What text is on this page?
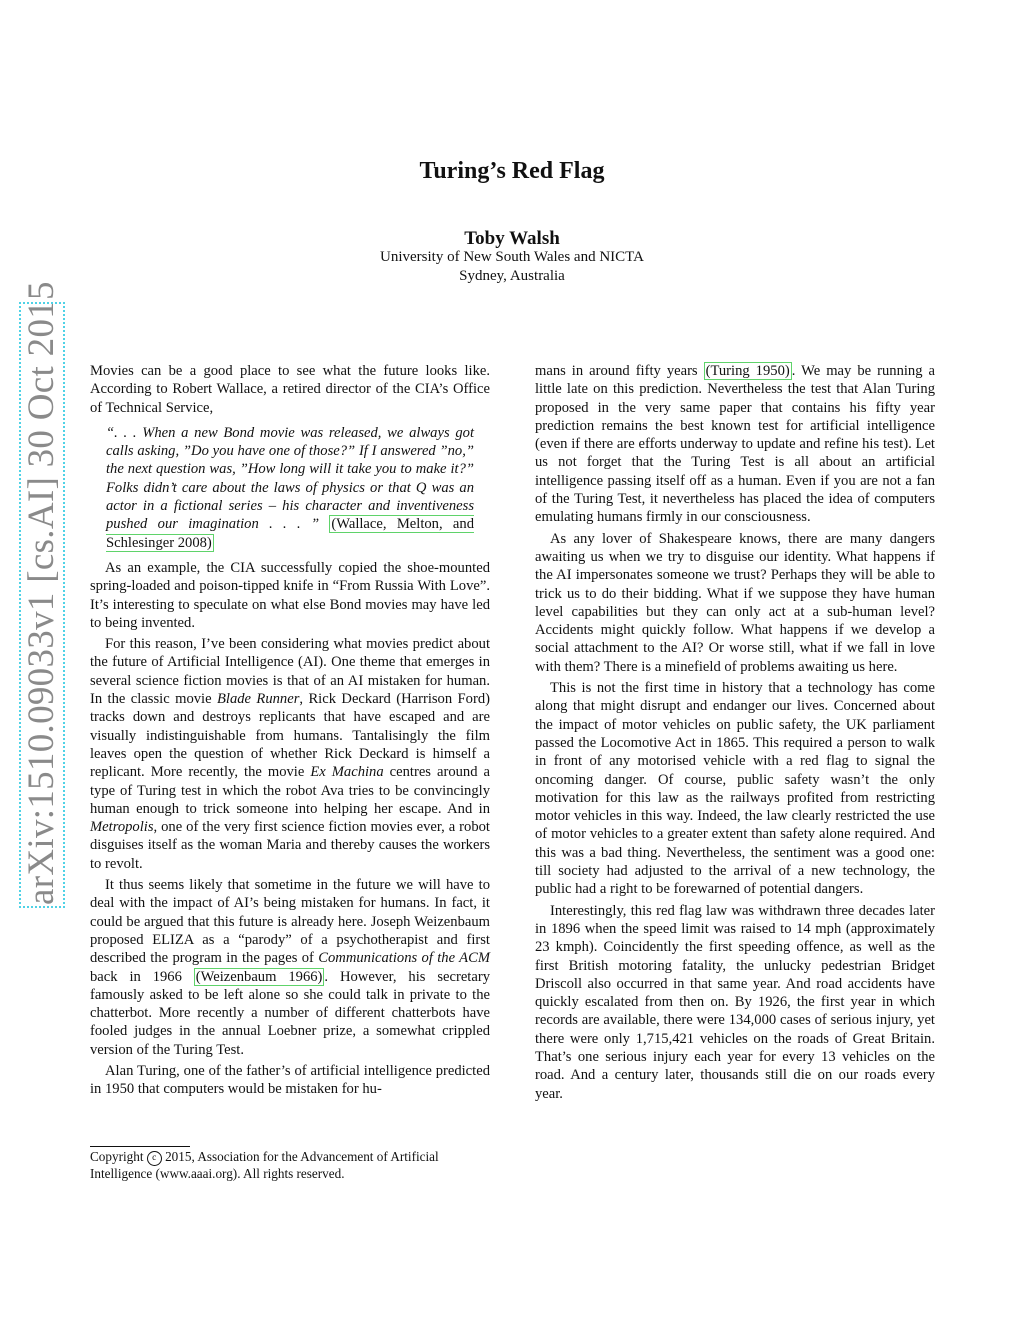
arXiv:1510.09033v1 [cs.AI] 30 Oct 2015
Turing’s Red Flag
Toby Walsh
University of New South Wales and NICTA
Sydney, Australia

Movies can be a good place to see what the future looks like. According to Robert Wallace, a retired director of the CIA’s Office of Technical Service,

“. . . When a new Bond movie was released, we always got calls asking, ”Do you have one of those?” If I answered ”no,” the next question was, ”How long will it take you to make it?” Folks didn’t care about the laws of physics or that Q was an actor in a fictional series – his character and inventiveness pushed our imagination . . . ” (Wallace, Melton, and Schlesinger 2008)

As an example, the CIA successfully copied the shoe-mounted spring-loaded and poison-tipped knife in “From Russia With Love”. It’s interesting to speculate on what else Bond movies may have led to being invented.

For this reason, I’ve been considering what movies predict about the future of Artificial Intelligence (AI). One theme that emerges in several science fiction movies is that of an AI mistaken for human. In the classic movie Blade Runner, Rick Deckard (Harrison Ford) tracks down and destroys replicants that have escaped and are visually indistinguishable from humans. Tantalisingly the film leaves open the question of whether Rick Deckard is himself a replicant. More recently, the movie Ex Machina centres around a type of Turing test in which the robot Ava tries to be convincingly human enough to trick someone into helping her escape. And in Metropolis, one of the very first science fiction movies ever, a robot disguises itself as the woman Maria and thereby causes the workers to revolt.

It thus seems likely that sometime in the future we will have to deal with the impact of AI’s being mistaken for humans. In fact, it could be argued that this future is already here. Joseph Weizenbaum proposed ELIZA as a “parody” of a psychotherapist and first described the program in the pages of Communications of the ACM back in 1966 (Weizenbaum 1966) . However, his secretary famously asked to be left alone so she could talk in private to the chatterbot. More recently a number of different chatterbots have fooled judges in the annual Loebner prize, a somewhat crippled version of the Turing Test.

Alan Turing, one of the father’s of artificial intelligence predicted in 1950 that computers would be mistaken for hu-

Copyright c 2015, Association for the Advancement of Artificial Intelligence (www.aaai.org). All rights reserved.

mans in around fifty years (Turing 1950) . We may be running a little late on this prediction. Nevertheless the test that Alan Turing proposed in the very same paper that contains his fifty year prediction remains the best known test for artificial intelligence (even if there are efforts underway to update and refine his test). Let us not forget that the Turing Test is all about an artificial intelligence passing itself off as a human. Even if you are not a fan of the Turing Test, it nevertheless has placed the idea of computers emulating humans firmly in our consciousness.

As any lover of Shakespeare knows, there are many dangers awaiting us when we try to disguise our identity. What happens if the AI impersonates someone we trust? Perhaps they will be able to trick us to do their bidding. What if we suppose they have human level capabilities but they can only act at a sub-human level? Accidents might quickly follow. What happens if we develop a social attachment to the AI? Or worse still, what if we fall in love with them? There is a minefield of problems awaiting us here.

This is not the first time in history that a technology has come along that might disrupt and endanger our lives. Concerned about the impact of motor vehicles on public safety, the UK parliament passed the Locomotive Act in 1865. This required a person to walk in front of any motorised vehicle with a red flag to signal the oncoming danger. Of course, public safety wasn’t the only motivation for this law as the railways profited from restricting motor vehicles in this way. Indeed, the law clearly restricted the use of motor vehicles to a greater extent than safety alone required. And this was a bad thing. Nevertheless, the sentiment was a good one: till society had adjusted to the arrival of a new technology, the public had a right to be forewarned of potential dangers.

Interestingly, this red flag law was withdrawn three decades later in 1896 when the speed limit was raised to 14 mph (approximately 23 kmph). Coincidently the first speeding offence, as well as the first British motoring fatality, the unlucky pedestrian Bridget Driscoll also occurred in that same year. And road accidents have quickly escalated from then on. By 1926, the first year in which records are available, there were 134,000 cases of serious injury, yet there were only 1,715,421 vehicles on the roads of Great Britain. That’s one serious injury each year for every 13 vehicles on the road. And a century later, thousands still die on our roads every year.
